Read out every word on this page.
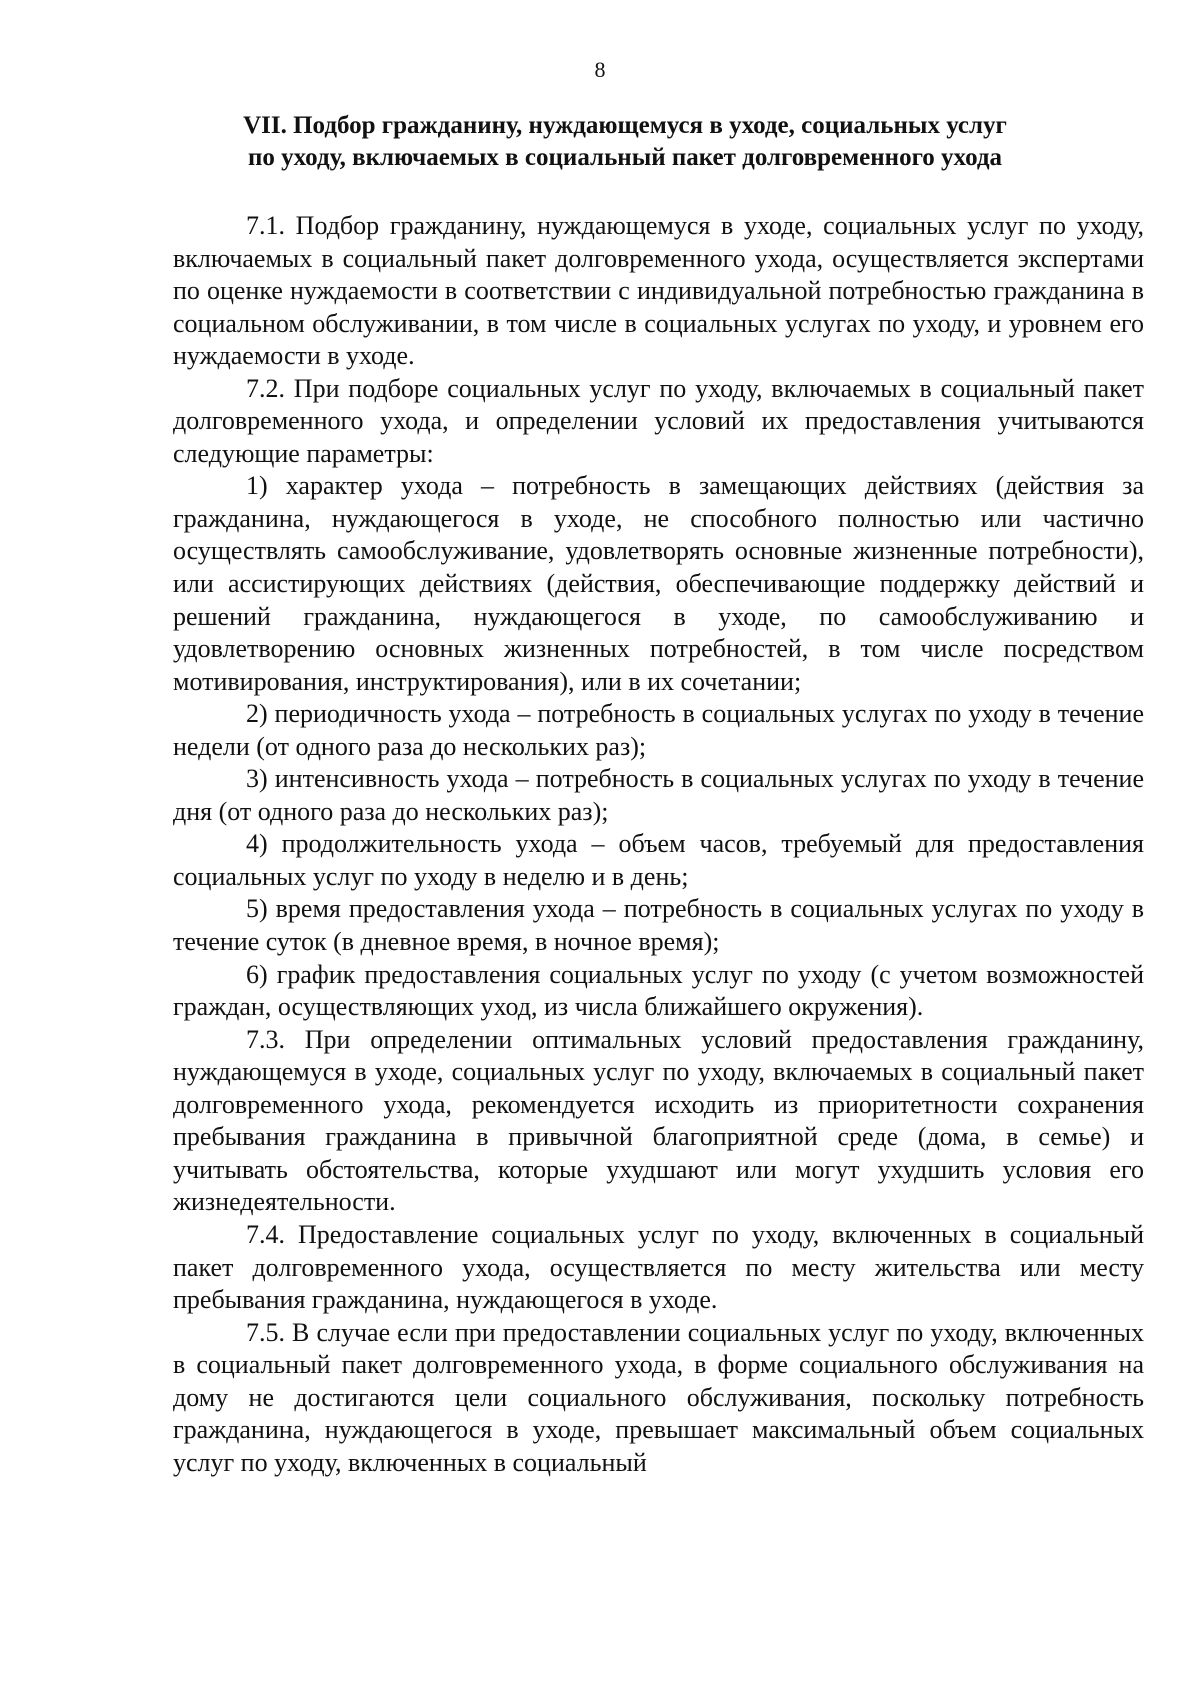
8
VII. Подбор гражданину, нуждающемуся в уходе, социальных услуг
по уходу, включаемых в социальный пакет долговременного ухода

7.1. Подбор гражданину, нуждающемуся в уходе, социальных услуг по уходу, включаемых в социальный пакет долговременного ухода, осуществляется экспертами по оценке нуждаемости в соответствии с индивидуальной потребностью гражданина в социальном обслуживании, в том числе в социальных услугах по уходу, и уровнем его нуждаемости в уходе.

7.2. При подборе социальных услуг по уходу, включаемых в социальный пакет долговременного ухода, и определении условий их предоставления учитываются следующие параметры:

1) характер ухода – потребность в замещающих действиях (действия за гражданина, нуждающегося в уходе, не способного полностью или частично осуществлять самообслуживание, удовлетворять основные жизненные потребности), или ассистирующих действиях (действия, обеспечивающие поддержку действий и решений гражданина, нуждающегося в уходе, по самообслуживанию и удовлетворению основных жизненных потребностей, в том числе посредством мотивирования, инструктирования), или в их сочетании;

2) периодичность ухода – потребность в социальных услугах по уходу в течение недели (от одного раза до нескольких раз);

3) интенсивность ухода – потребность в социальных услугах по уходу в течение дня (от одного раза до нескольких раз);

4) продолжительность ухода – объем часов, требуемый для предоставления социальных услуг по уходу в неделю и в день;

5) время предоставления ухода – потребность в социальных услугах по уходу в течение суток (в дневное время, в ночное время);

6) график предоставления социальных услуг по уходу (с учетом возможностей граждан, осуществляющих уход, из числа ближайшего окружения).

7.3. При определении оптимальных условий предоставления гражданину, нуждающемуся в уходе, социальных услуг по уходу, включаемых в социальный пакет долговременного ухода, рекомендуется исходить из приоритетности сохранения пребывания гражданина в привычной благоприятной среде (дома, в семье) и учитывать обстоятельства, которые ухудшают или могут ухудшить условия его жизнедеятельности.

7.4. Предоставление социальных услуг по уходу, включенных в социальный пакет долговременного ухода, осуществляется по месту жительства или месту пребывания гражданина, нуждающегося в уходе.

7.5. В случае если при предоставлении социальных услуг по уходу, включенных в социальный пакет долговременного ухода, в форме социального обслуживания на дому не достигаются цели социального обслуживания, поскольку потребность гражданина, нуждающегося в уходе, превышает максимальный объем социальных услуг по уходу, включенных в социальный
